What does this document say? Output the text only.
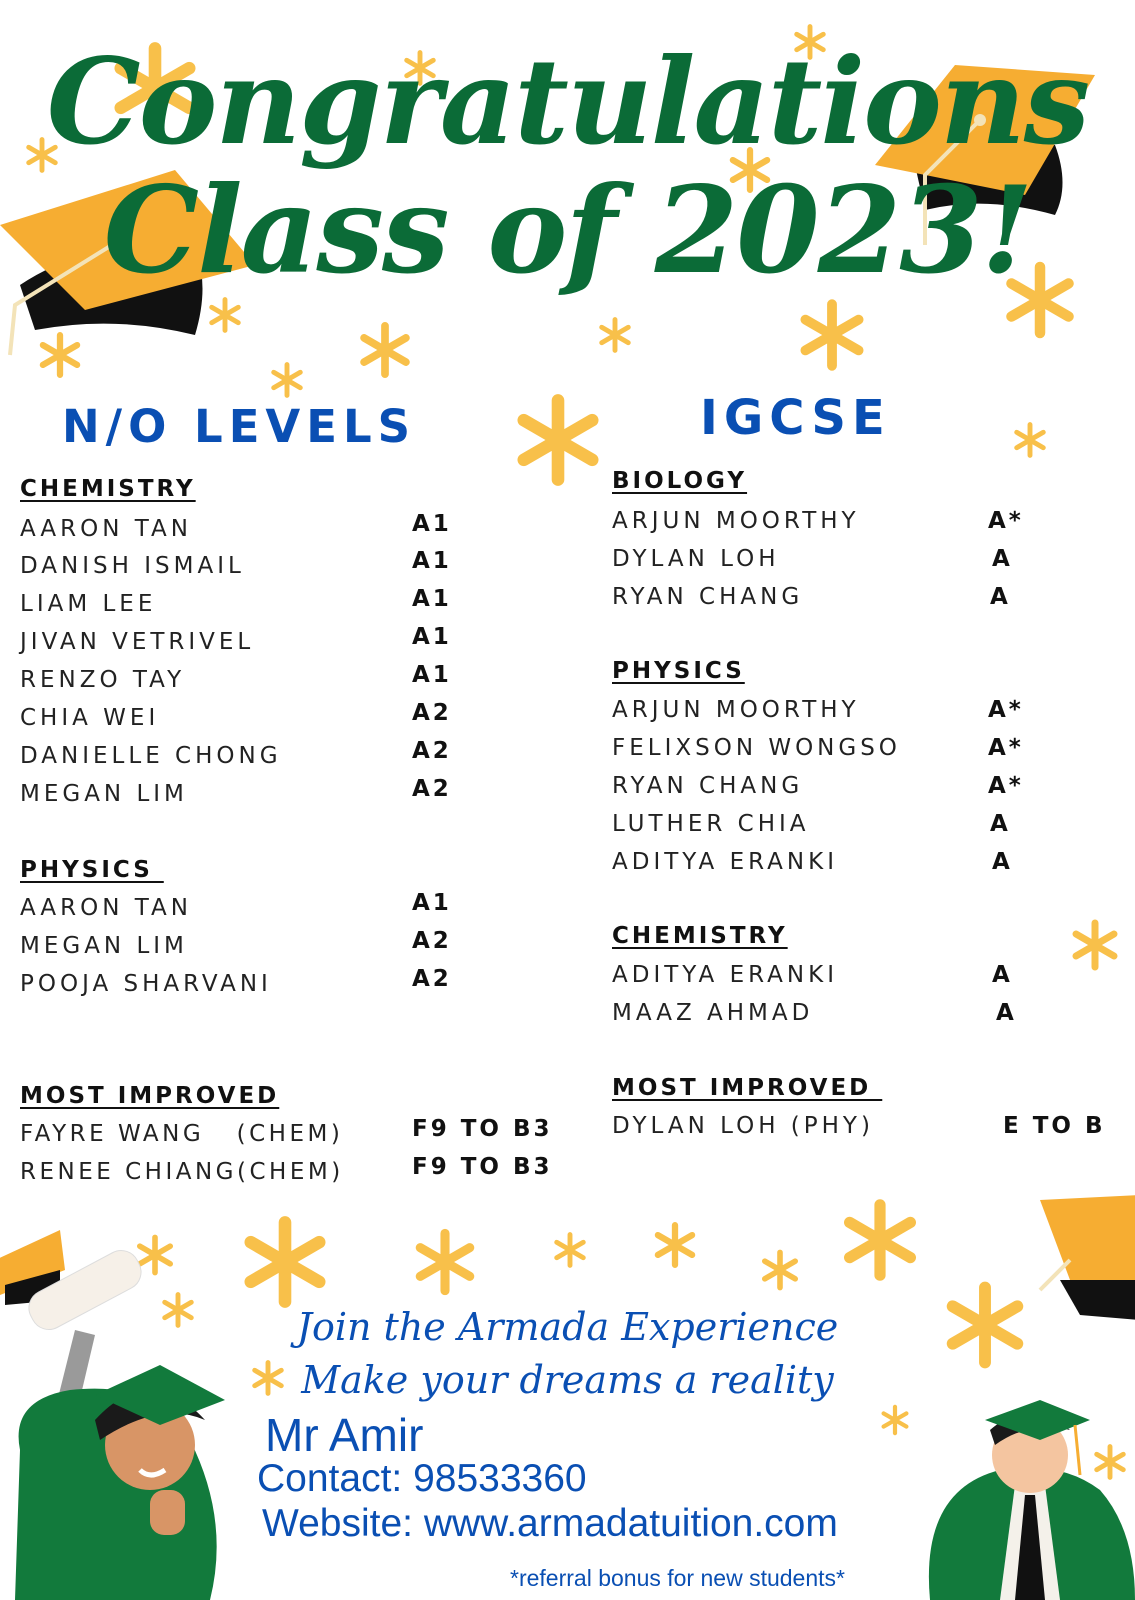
Congratulations
Class of 2023!
N/O LEVELS	IGCSE
CHEMISTRY
AARON TAN	A1
DANISH ISMAIL	A1
LIAM LEE	A1
JIVAN VETRIVEL	A1
RENZO TAY	A1
CHIA WEI	A2
DANIELLE CHONG	A2
MEGAN LIM	A2
PHYSICS
AARON TAN	A1
MEGAN LIM	A2
POOJA SHARVANI	A2
MOST IMPROVED
FAYRE WANG   (CHEM)	F9 TO B3
RENEE CHIANG(CHEM)	F9 TO B3
BIOLOGY
ARJUN MOORTHY	A*
DYLAN LOH	A
RYAN CHANG	A
PHYSICS
ARJUN MOORTHY	A*
FELIXSON WONGSO	A*
RYAN CHANG	A*
LUTHER CHIA	A
ADITYA ERANKI	A
CHEMISTRY
ADITYA ERANKI	A
MAAZ AHMAD	A
MOST IMPROVED
DYLAN LOH (PHY)	E TO B
Join the Armada Experience
Make your dreams a reality
Mr Amir
Contact: 98533360
Website: www.armadatuition.com
*referral bonus for new students*
